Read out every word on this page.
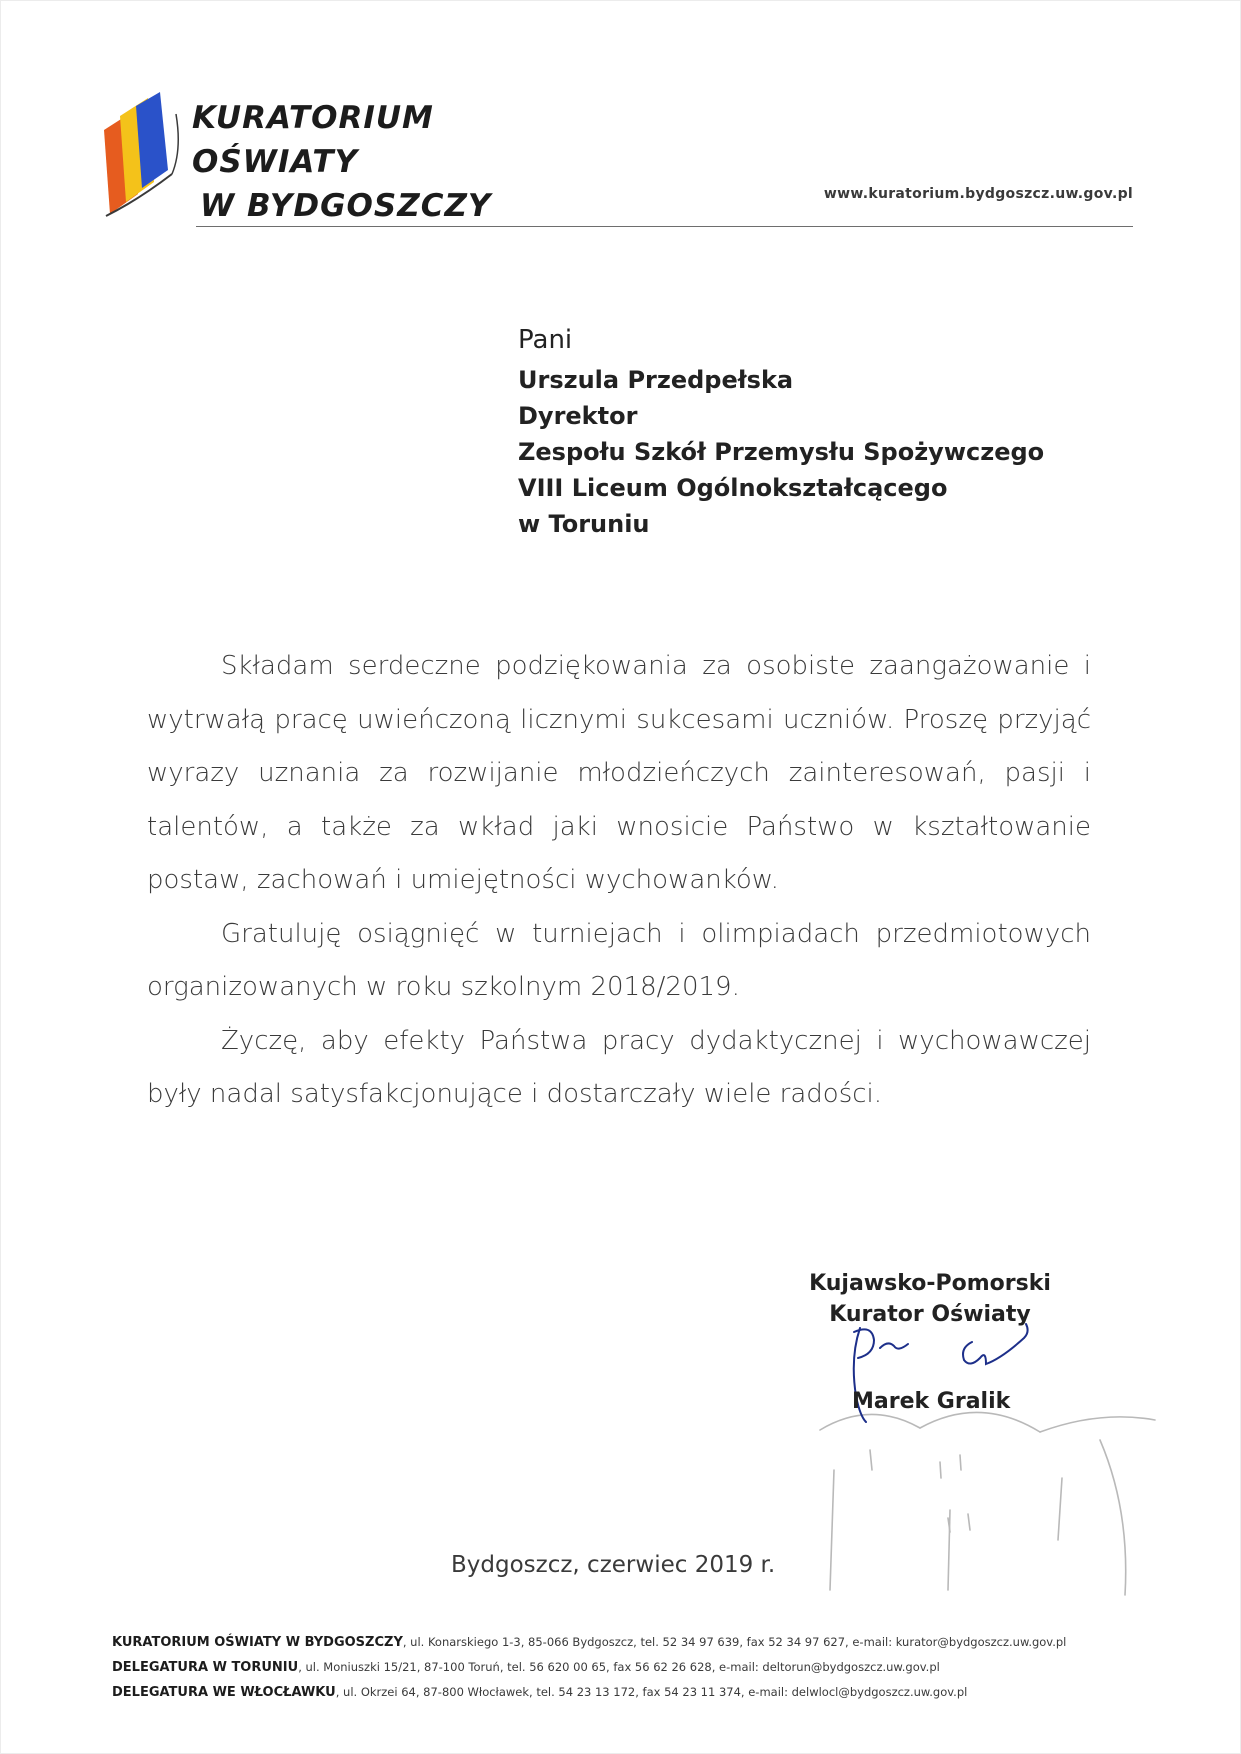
KURATORIUM OŚWIATY
W BYDGOSZCZY	www.kuratorium.bydgoszcz.uw.gov.pl
Pani
Urszula Przedpełska
Dyrektor
Zespołu Szkół Przemysłu Spożywczego
VIII Liceum Ogólnokształcącego
w Toruniu

Składam serdeczne podziękowania za osobiste zaangażowanie i wytrwałą pracę uwieńczoną licznymi sukcesami uczniów. Proszę przyjąć wyrazy uznania za rozwijanie młodzieńczych zainteresowań, pasji i talentów, a także za wkład jaki wnosicie Państwo w kształtowanie postaw, zachowań i umiejętności wychowanków.

Gratuluję osiągnięć w turniejach i olimpiadach przedmiotowych organizowanych w roku szkolnym 2018/2019.

Życzę, aby efekty Państwa pracy dydaktycznej i wychowawczej były nadal satysfakcjonujące i dostarczały wiele radości.

Kujawsko-Pomorski
Kurator Oświaty
Marek Gralik
Bydgoszcz, czerwiec 2019 r.
KURATORIUM OŚWIATY W BYDGOSZCZY, ul. Konarskiego 1-3, 85-066 Bydgoszcz, tel. 52 34 97 639, fax 52 34 97 627, e-mail: kurator@bydgoszcz.uw.gov.pl
DELEGATURA W TORUNIU, ul. Moniuszki 15/21, 87-100 Toruń, tel. 56 620 00 65, fax 56 62 26 628, e-mail: deltorun@bydgoszcz.uw.gov.pl
DELEGATURA WE WŁOCŁAWKU, ul. Okrzei 64, 87-800 Włocławek, tel. 54 23 13 172, fax 54 23 11 374, e-mail: delwlocl@bydgoszcz.uw.gov.pl
